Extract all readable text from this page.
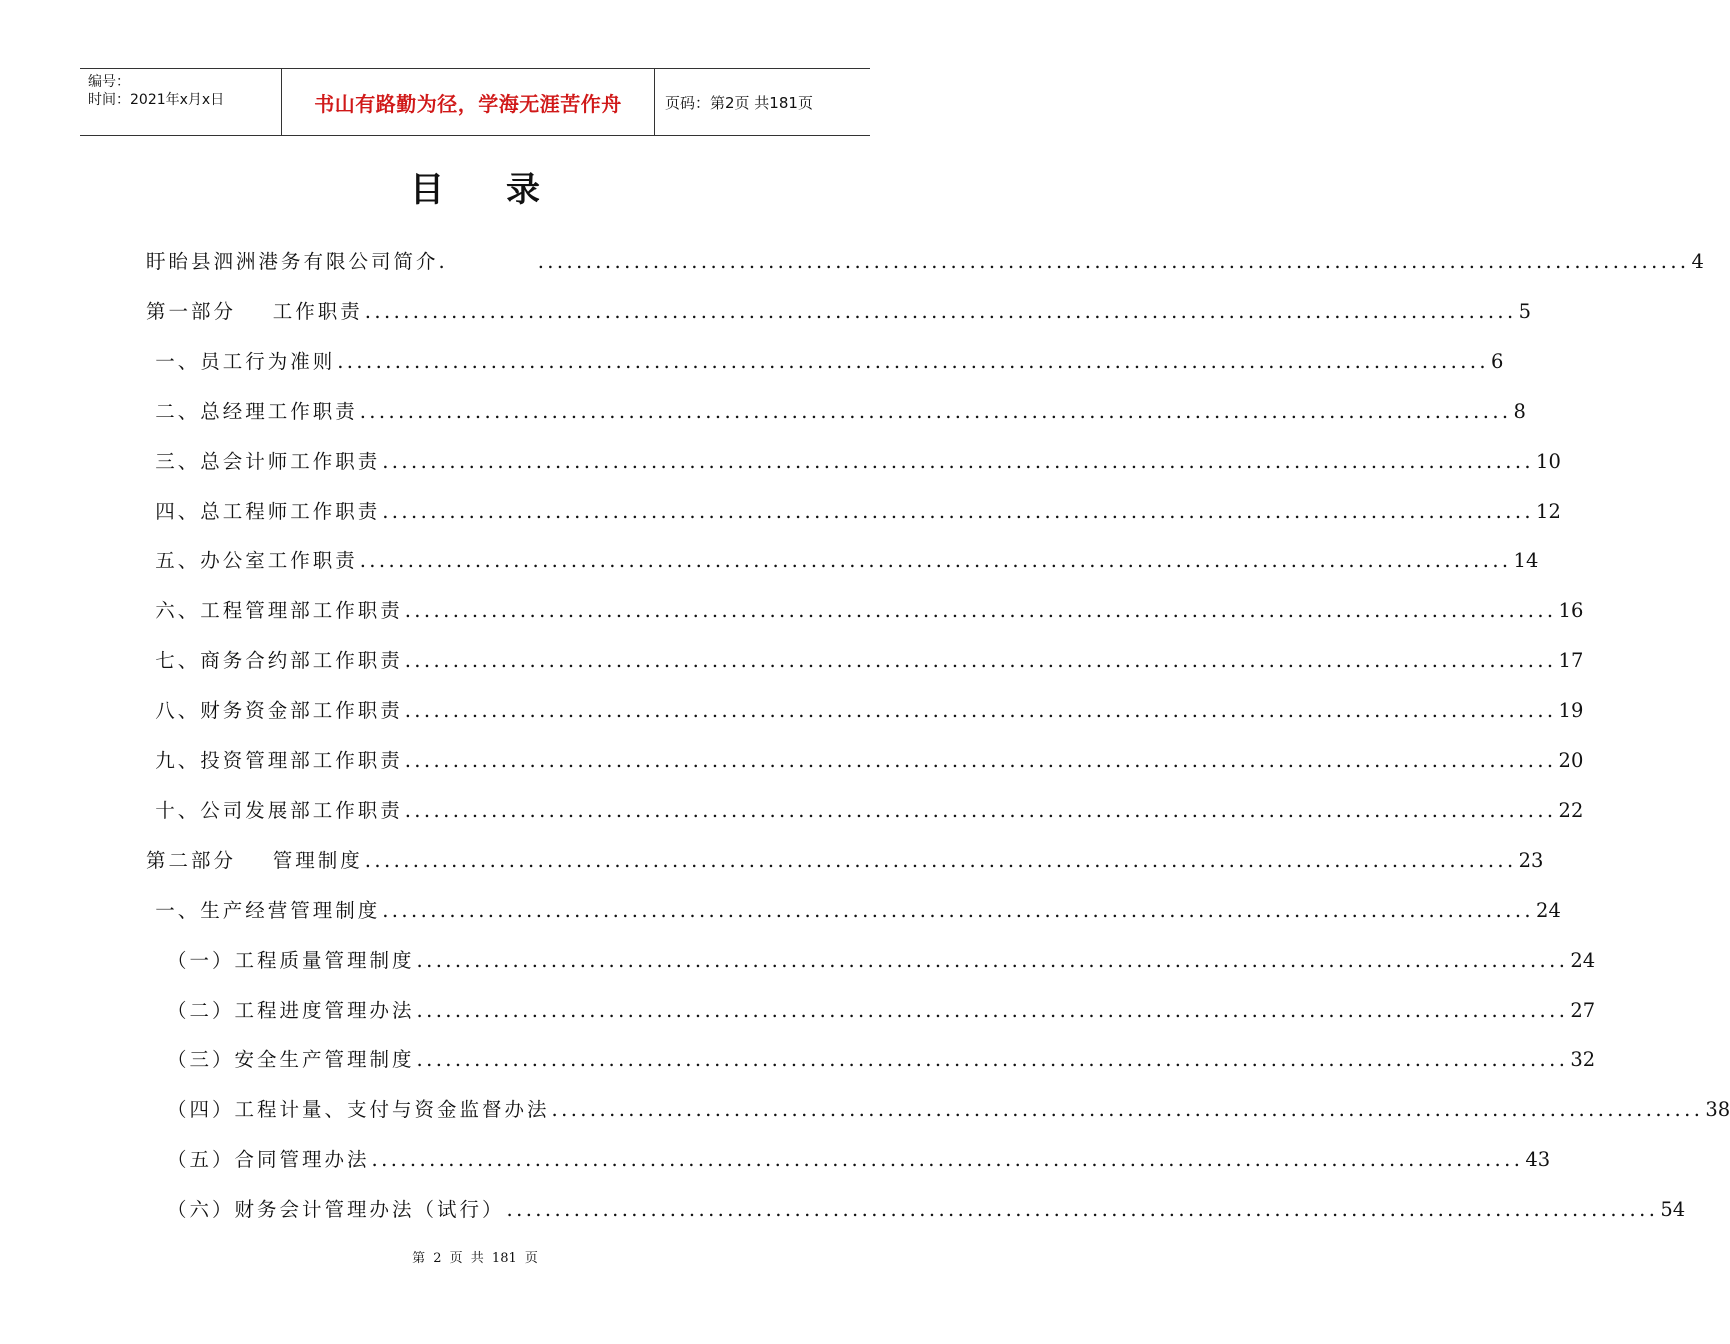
编号：
时间：2021年x月x日	书山有路勤为径，学海无涯苦作舟	页码：第2页 共181页
目 录
盱眙县泗洲港务有限公司简介.	........................................................................................................................ 4
第一部分    工作职责 ........................................................................................................................ 5
一、员工行为准则 ........................................................................................................................ 6
二、总经理工作职责 ........................................................................................................................ 8
三、总会计师工作职责 ........................................................................................................................ 10
四、总工程师工作职责 ........................................................................................................................ 12
五、办公室工作职责 ........................................................................................................................ 14
六、工程管理部工作职责 ........................................................................................................................ 16
七、商务合约部工作职责 ........................................................................................................................ 17
八、财务资金部工作职责 ........................................................................................................................ 19
九、投资管理部工作职责 ........................................................................................................................ 20
十、公司发展部工作职责 ........................................................................................................................ 22
第二部分    管理制度 ........................................................................................................................ 23
一、生产经营管理制度 ........................................................................................................................ 24
（一）工程质量管理制度 ........................................................................................................................ 24
（二）工程进度管理办法 ........................................................................................................................ 27
（三）安全生产管理制度 ........................................................................................................................ 32
（四）工程计量、支付与资金监督办法 ........................................................................................................................ 38
（五）合同管理办法 ........................................................................................................................ 43
（六）财务会计管理办法（试行） ........................................................................................................................ 54
第 2 页 共 181 页
